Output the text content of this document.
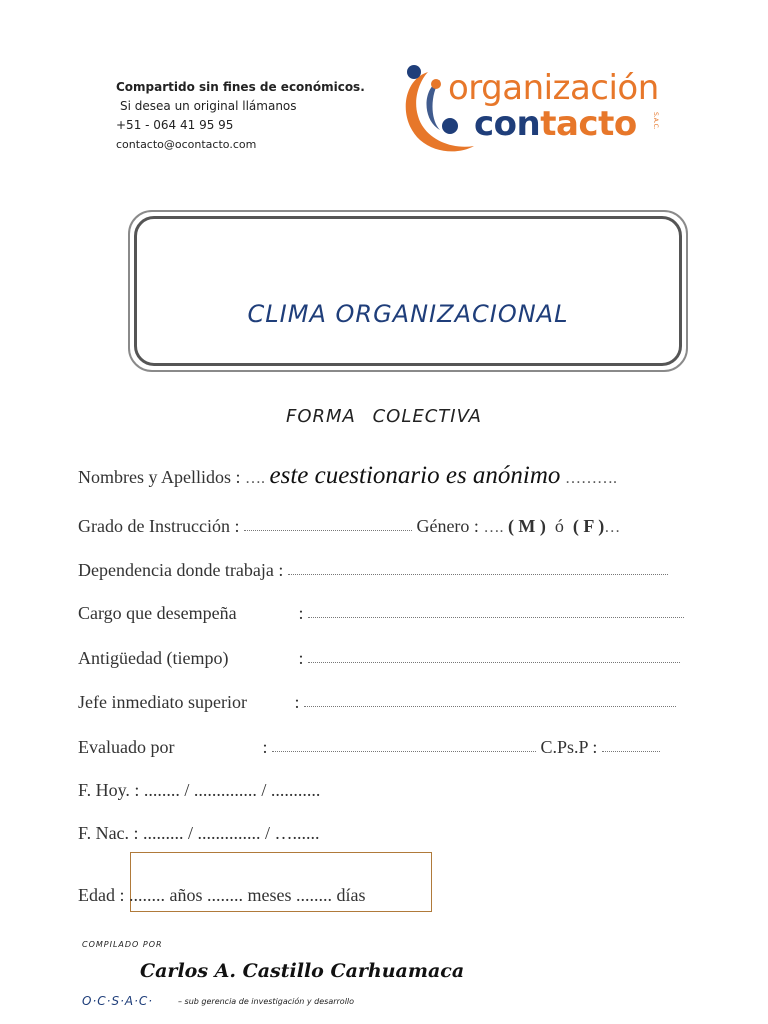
Compartido sin fines de económicos.
Si desea un original llámanos
+51 - 064 41 95 95
contacto@ocontacto.com
organización
contacto	S.A.C.
CLIMA ORGANIZACIONAL
FORMA COLECTIVA
Nombres y Apellidos : …. este cuestionario es anónimo ……….
Grado de Instrucción :	Género : …. ( M ) ó ( F )…
Dependencia donde trabaja :
Cargo que desempeña	:
Antigüedad (tiempo)	:
Jefe inmediato superior	:
Evaluado por	:	C.Ps.P :
F. Hoy. : ........ / .............. / ...........
F. Nac. : ......... / .............. / …......
Edad : ........ años ........ meses ........ días
COMPILADO POR
Carlos A. Castillo Carhuamaca
O·C·S·A·C·	– sub gerencia de investigación y desarrollo
